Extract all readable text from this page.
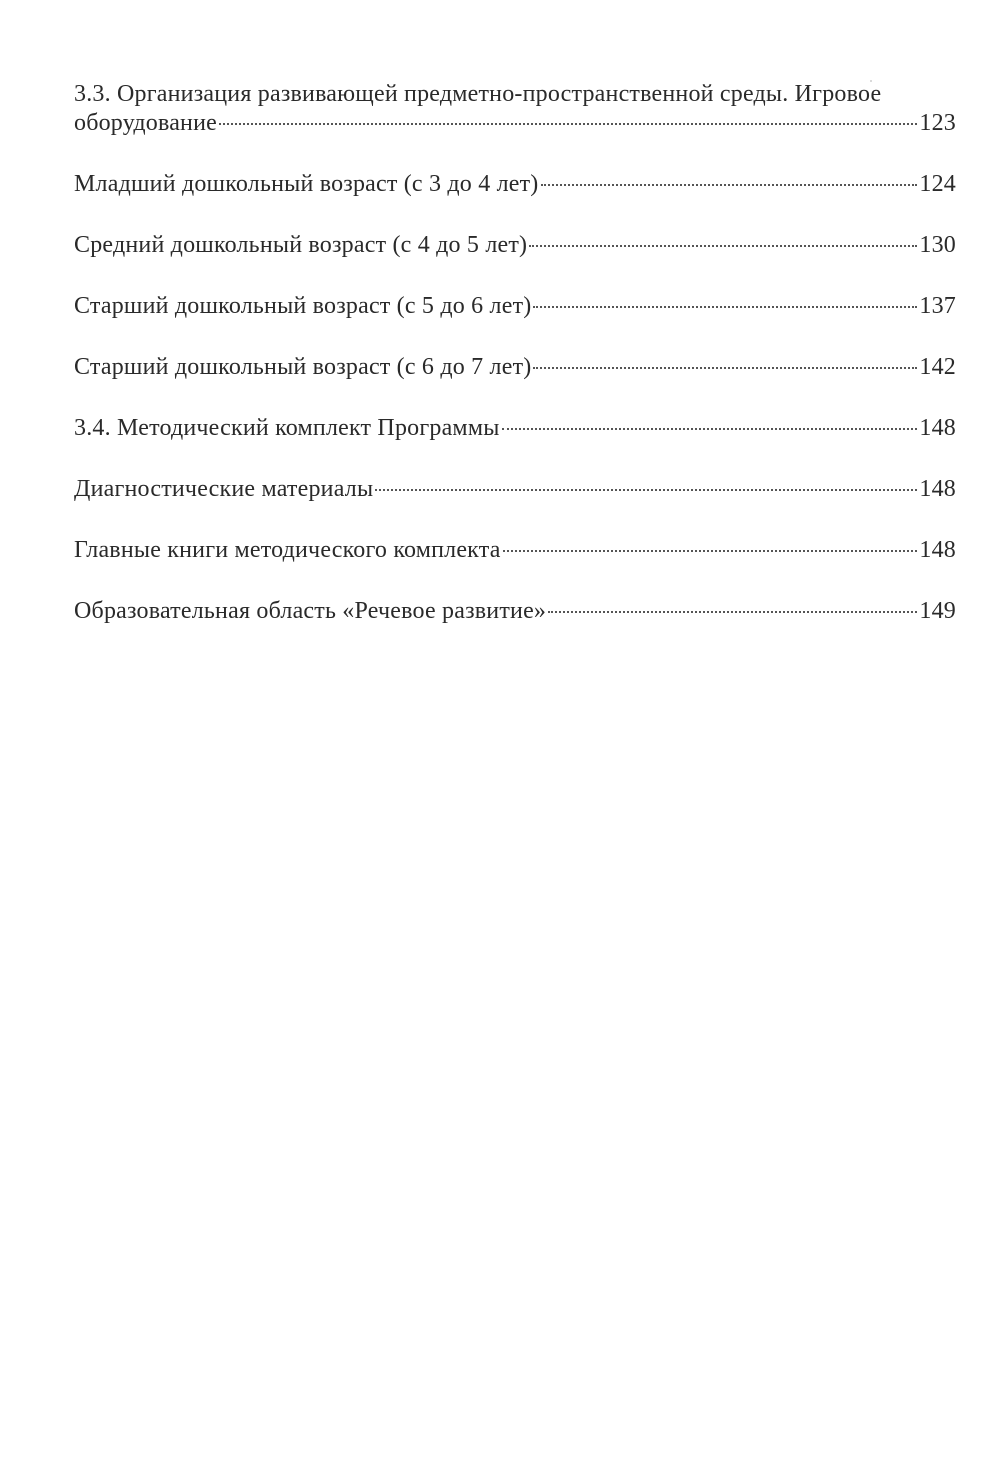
3.3. Организация развивающей предметно-пространственной среды. Игровое
оборудование	123
Младший дошкольный возраст (с 3 до 4 лет)	124
Средний дошкольный возраст (с 4 до 5 лет)	130
Старший дошкольный возраст (с 5 до 6 лет)	137
Старший дошкольный возраст (с 6 до 7 лет)	142
3.4. Методический комплект Программы	148
Диагностические материалы	148
Главные книги методического комплекта	148
Образовательная область «Речевое развитие»	149
